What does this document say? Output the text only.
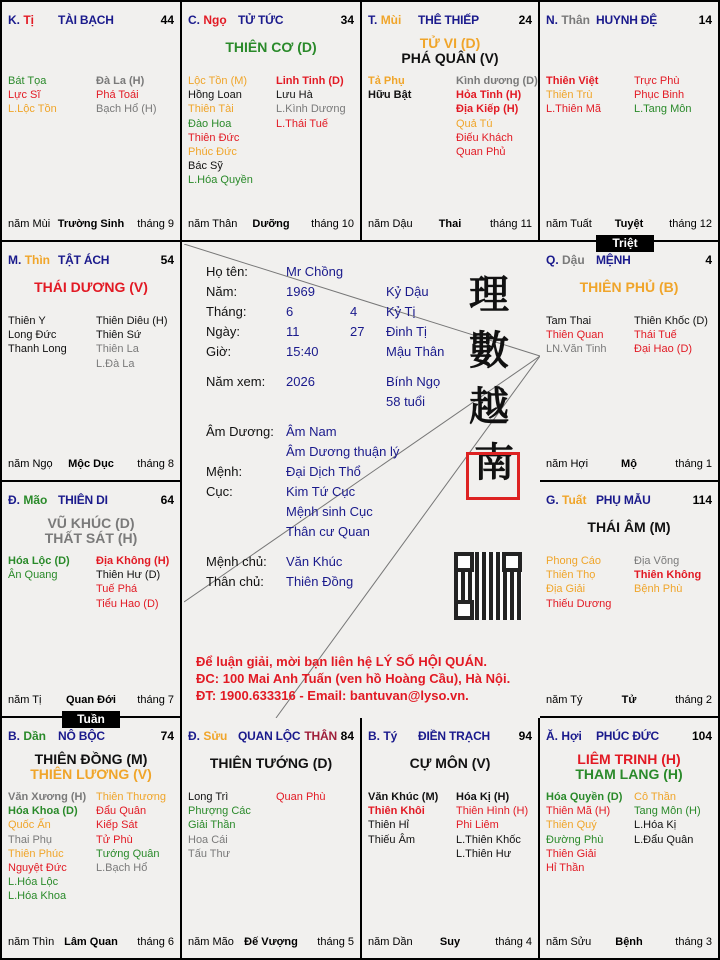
K. Tị	TÀI BẠCH	44
Bát Tọa
Lực Sĩ
L.Lộc Tồn
Đà La (H)
Phá Toái
Bạch Hổ (H)
năm Mùi Trường Sinh	tháng 9
C. Ngọ TỬ TỨC	34
THIÊN CƠ (D)
Lộc Tồn (M)
Hồng Loan
Thiên Tài
Đào Hoa
Thiên Đức
Phúc Đức
Bác Sỹ
L.Hóa Quyền
Linh Tinh (D)
Lưu Hà
L.Kình Dương
L.Thái Tuế
năm Thân	Dưỡng	tháng 10
T. Mùi	THÊ THIẾP	24
TỬ VI (D)
PHÁ QUÂN (V)
Tả Phụ
Hữu Bật
Kình dương (D)
Hỏa Tinh (H)
Địa Kiếp (H)
Quả Tú
Điếu Khách
Quan Phủ
năm Dậu	Thai	tháng 11
N. Thân HUYNH ĐỆ	14
Thiên Việt
Thiên Trù
L.Thiên Mã
Trực Phù
Phục Binh
L.Tang Môn
năm Tuất	Tuyệt	tháng 12
M. Thìn TẬT ÁCH	54
THÁI DƯƠNG (V)
Thiên Y
Long Đức
Thanh Long
Thiên Diêu (H)
Thiên Sứ
Thiên La
L.Đà La
năm Ngọ	Mộc Dục	tháng 8
Q. Dậu MỆNH	4
THIÊN PHỦ (B)
Tam Thai
Thiên Quan
LN.Văn Tinh
Thiên Khốc (D)
Thái Tuế
Đại Hao (D)
năm Hợi	Mộ	tháng 1
Đ. Mão THIÊN DI	64
VŨ KHÚC (D)
THẤT SÁT (H)
Hóa Lộc (D)
Ân Quang
Địa Không (H)
Thiên Hư (D)
Tuế Phá
Tiểu Hao (D)
năm Tị	Quan Đới	tháng 7
G. Tuất PHỤ MẪU	114
THÁI ÂM (M)
Phong Cáo
Thiên Thọ
Địa Giải
Thiếu Dương
Địa Võng
Thiên Không
Bệnh Phù
năm Tý	Tử	tháng 2
B. Dần NÔ BỘC	74
THIÊN ĐỒNG (M)
THIÊN LƯƠNG (V)
Văn Xương (H)
Hóa Khoa (D)
Quốc Ấn
Thai Phụ
Thiên Phúc
Nguyệt Đức
L.Hóa Lộc
L.Hóa Khoa
Thiên Thương
Đẩu Quân
Kiếp Sát
Tử Phù
Tướng Quân
L.Bạch Hổ
năm Thìn Lâm Quan	tháng 6
Đ. Sửu QUAN LỘC THÂN 84
THIÊN TƯỚNG (D)
Long Trì
Phượng Các
Giải Thần
Hoa Cái
Tấu Thư
Quan Phù
năm Mão Đế Vượng	tháng 5
B. Tý	ĐIỀN TRẠCH	94
CỰ MÔN (V)
Văn Khúc (M)
Thiên Khôi
Thiên Hỉ
Thiếu Âm
Hóa Kị (H)
Thiên Hình (H)
Phi Liêm
L.Thiên Khốc
L.Thiên Hư
năm Dần	Suy	tháng 4
Ă. Hợi	PHÚC ĐỨC	104
LIÊM TRINH (H)
THAM LANG (H)
Hóa Quyền (D)
Thiên Mã (H)
Thiên Quý
Đường Phù
Thiên Giải
Hỉ Thần
Cô Thần
Tang Môn (H)
L.Hóa Kị
L.Đẩu Quân
năm Sửu	Bệnh	tháng 3
Họ tên:	Mr Chồng
Năm:	1969	Kỷ Dậu
Tháng:	6	4 Kỷ Tị
Ngày:	11	27 Đinh Tị
Giờ:	15:40	Mậu Thân
Năm xem: 2026	Bính Ngọ
58 tuổi
Âm Dương: Âm Nam
Âm Dương thuận lý
Mệnh:	Đại Dịch Thổ
Cục:	Kim Tứ Cục
Mệnh sinh Cục
Thân cư Quan
Mệnh chủ: Văn Khúc
Thân chủ: Thiên Đồng
理
數
越
南
Để luận giải, mời bạn liên hệ LÝ SỐ HỘI QUÁN.
ĐC: 100 Mai Anh Tuấn (ven hồ Hoàng Cầu), Hà Nội.
ĐT: 1900.633316 - Email: bantuvan@lyso.vn.
Triệt
Tuần
